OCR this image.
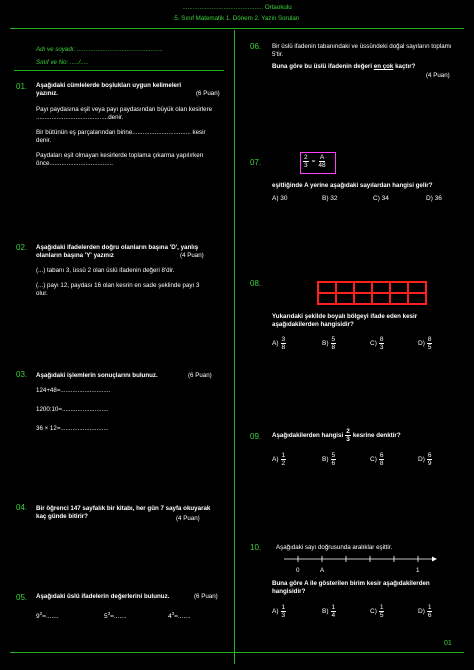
............................................... Ortaokulu
5. Sınıf Matematik 1. Dönem 2. Yazılı Soruları
Adı ve soyadı: ..................................................
Sınıf ve No: ...../.....
01. Aşağıdaki cümlelerde boşlukları uygun kelimeleri yazınız.	(6 Puan)
Payı paydasına eşit veya payı paydasından büyük olan kesirlere ..........................................denir.
Bir bütünün eş parçalarından birine.................................. kesir denir.
Paydaları eşit olmayan kesirlerde toplama çıkarma yapılırken önce.....................................
02. Aşağıdaki ifadelerden doğru olanların başına 'D', yanlış olanların başına 'Y' yazınız	(4 Puan)
(...) tabanı 3, üssü 2 olan üslü ifadenin değeri 8'dir.
(...) payı 12, paydası 16 olan kesrin en sade şeklinde payı 3 olur.
03. Aşağıdaki işlemlerin sonuçlarını bulunuz.	(6 Puan)
124+48=.............................
1200:10=...........................
36 × 12=............................
04. Bir öğrenci 147 sayfalık bir kitabı, her gün 7 sayfa okuyarak kaç günde bitirir?	(4 Puan)
05. Aşağıdaki üslü ifadelerin değerlerini bulunuz.	(6 Puan)
$9^2=$.......	$5^3=$.......	$4^3=$.......
06. Bir üslü ifadenin tabanındaki ve üssündeki doğal sayıların toplamı 5'tir.
Buna göre bu üslü ifadenin değeri en çok kaçtır?
(4 Puan)
07.	$\frac{2}{3} = \frac{A}{48}$
eşitliğinde A yerine aşağıdaki sayılardan hangisi gelir?
A) 30	B) 32	C) 34	D) 36
08.
Yukarıdaki şekilde boyalı bölgeyi ifade eden kesir aşağıdakilerden hangisidir?
$A) \frac{3}{8}$	$B) \frac{5}{8}$	$C) \frac{8}{3}$	$D) \frac{8}{5}$
09. Aşağıdakilerden hangisi $\frac{2}{3}$ kesrine denktir?
$A) \frac{1}{2}$	$B) \frac{5}{6}$	$C) \frac{6}{8}$	$D) \frac{6}{9}$
10. Aşağıdaki sayı doğrusunda aralıklar eşittir.
0	A	1
Buna göre A ile gösterilen birim kesir aşağıdakilerden hangisidir?
$A) \frac{1}{3}$	$B) \frac{1}{4}$	$C) \frac{1}{5}$	$D) \frac{1}{6}$
01
